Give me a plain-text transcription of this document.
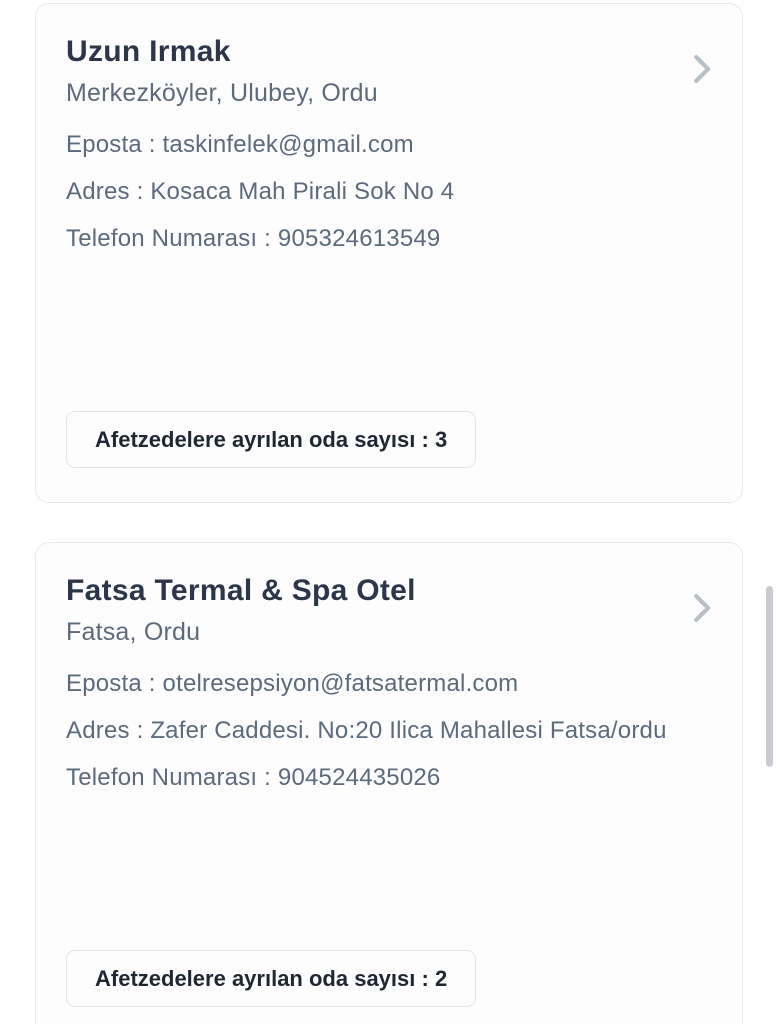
Uzun Irmak
Merkezköyler, Ulubey, Ordu
Eposta : taskinfelek@gmail.com
Adres : Kosaca Mah Pirali Sok No 4
Telefon Numarası : 905324613549
Afetzedelere ayrılan oda sayısı : 3
Fatsa Termal & Spa Otel
Fatsa, Ordu
Eposta : otelresepsiyon@fatsatermal.com
Adres : Zafer Caddesi. No:20 Ilica Mahallesi Fatsa/ordu
Telefon Numarası : 904524435026
Afetzedelere ayrılan oda sayısı : 2
